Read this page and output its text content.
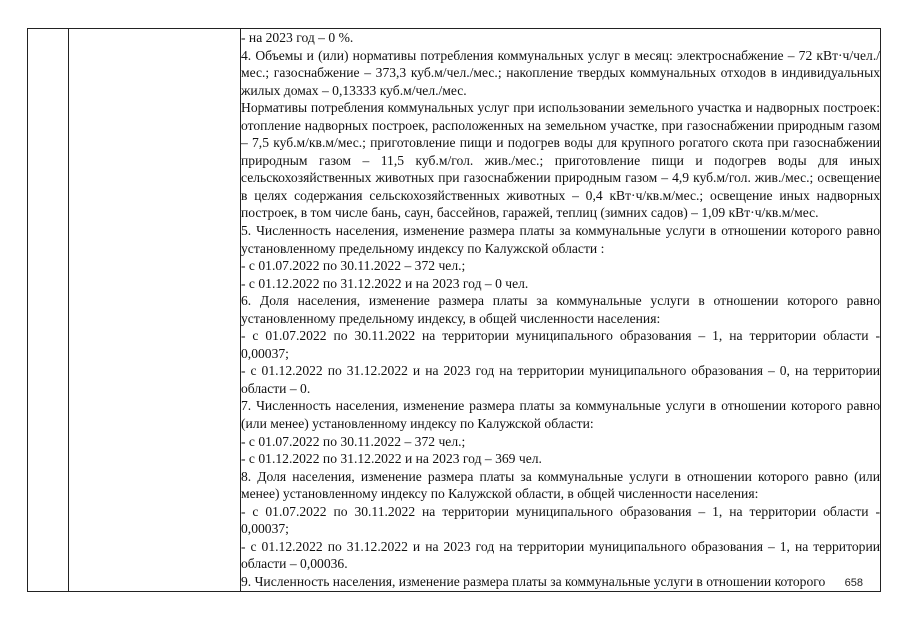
- на 2023 год – 0 %.

4. Объемы и (или) нормативы потребления коммунальных услуг в месяц: электроснабжение – 72 кВт·ч/чел./мес.; газоснабжение – 373,3 куб.м/чел./мес.; накопление твердых коммунальных отходов в индивидуальных жилых домах – 0,13333 куб.м/чел./мес.

Нормативы потребления коммунальных услуг при использовании земельного участка и надворных построек: отопление надворных построек, расположенных на земельном участке, при газоснабжении природным газом – 7,5 куб.м/кв.м/мес.; приготовление пищи и подогрев воды для крупного рогатого скота при газоснабжении природным газом – 11,5 куб.м/гол. жив./мес.; приготовление пищи и подогрев воды для иных сельскохозяйственных животных при газоснабжении природным газом – 4,9 куб.м/гол. жив./мес.; освещение в целях содержания сельскохозяйственных животных – 0,4 кВт·ч/кв.м/мес.; освещение иных надворных построек, в том числе бань, саун, бассейнов, гаражей, теплиц (зимних садов) – 1,09 кВт·ч/кв.м/мес.

5. Численность населения, изменение размера платы за коммунальные услуги в отношении которого равно установленному предельному индексу по Калужской области :

- с 01.07.2022 по 30.11.2022 – 372 чел.;

- с 01.12.2022 по 31.12.2022 и на 2023 год – 0 чел.

6. Доля населения, изменение размера платы за коммунальные услуги в отношении которого равно установленному предельному индексу, в общей численности населения:

- с 01.07.2022 по 30.11.2022 на территории муниципального образования – 1, на территории области - 0,00037;

- с 01.12.2022 по 31.12.2022 и на 2023 год на территории муниципального образования – 0, на территории области – 0.

7. Численность населения, изменение размера платы за коммунальные услуги в отношении которого равно (или менее) установленному индексу по Калужской области:

- с 01.07.2022 по 30.11.2022 – 372 чел.;

- с 01.12.2022 по 31.12.2022 и на 2023 год – 369 чел.

8. Доля населения, изменение размера платы за коммунальные услуги в отношении которого равно (или менее) установленному индексу по Калужской области, в общей численности населения:

- с 01.07.2022 по 30.11.2022 на территории муниципального образования – 1, на территории области - 0,00037;

- с 01.12.2022 по 31.12.2022 и на 2023 год на территории муниципального образования – 1, на территории области – 0,00036.

9. Численность населения, изменение размера платы за коммунальные услуги в отношении которого	658
